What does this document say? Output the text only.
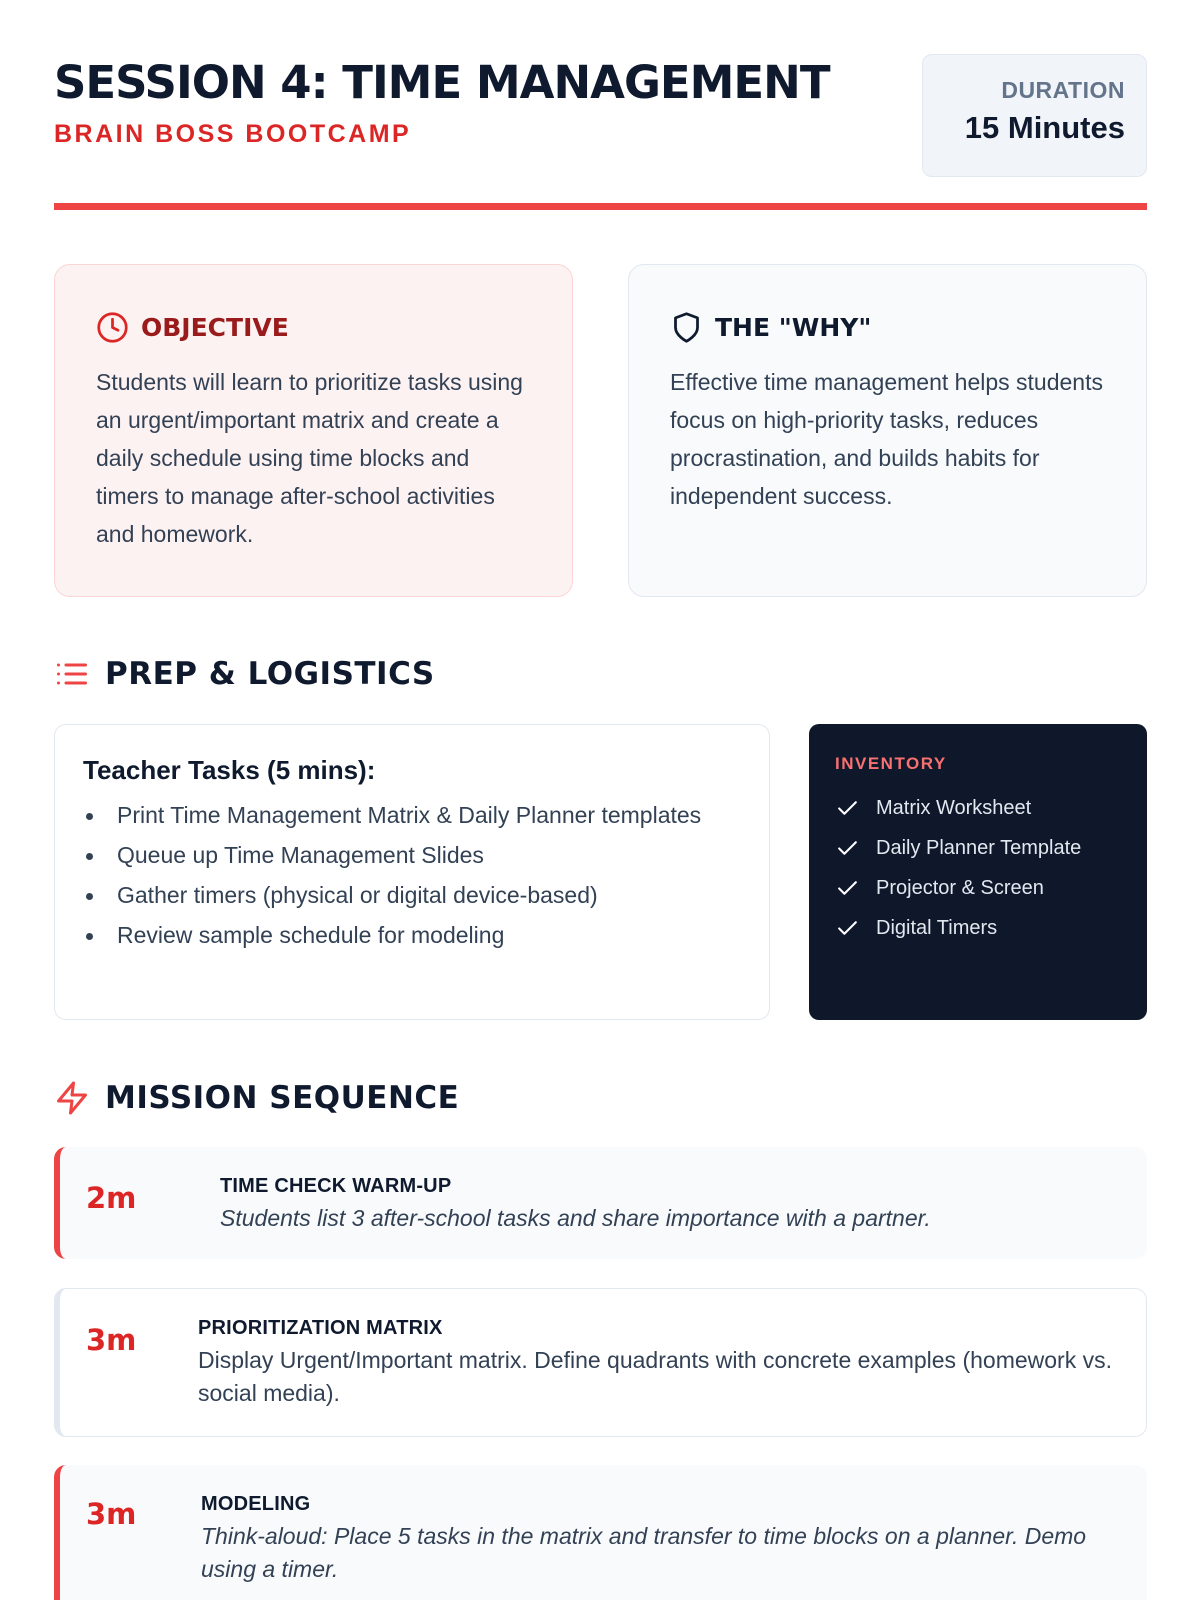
SESSION 4: TIME MANAGEMENT
BRAIN BOSS BOOTCAMP
DURATION
15 Minutes
OBJECTIVE
Students will learn to prioritize tasks using an urgent/important matrix and create a daily schedule using time blocks and timers to manage after-school activities and homework.
THE "WHY"
Effective time management helps students focus on high-priority tasks, reduces procrastination, and builds habits for independent success.
PREP & LOGISTICS
Teacher Tasks (5 mins):
Print Time Management Matrix & Daily Planner templates
Queue up Time Management Slides
Gather timers (physical or digital device-based)
Review sample schedule for modeling
INVENTORY
Matrix Worksheet
Daily Planner Template
Projector & Screen
Digital Timers
MISSION SEQUENCE
2m	TIME CHECK WARM-UP
Students list 3 after-school tasks and share importance with a partner.
3m	PRIORITIZATION MATRIX
Display Urgent/Important matrix. Define quadrants with concrete examples (homework vs. social media).
3m	MODELING
Think-aloud: Place 5 tasks in the matrix and transfer to time blocks on a planner. Demo using a timer.
